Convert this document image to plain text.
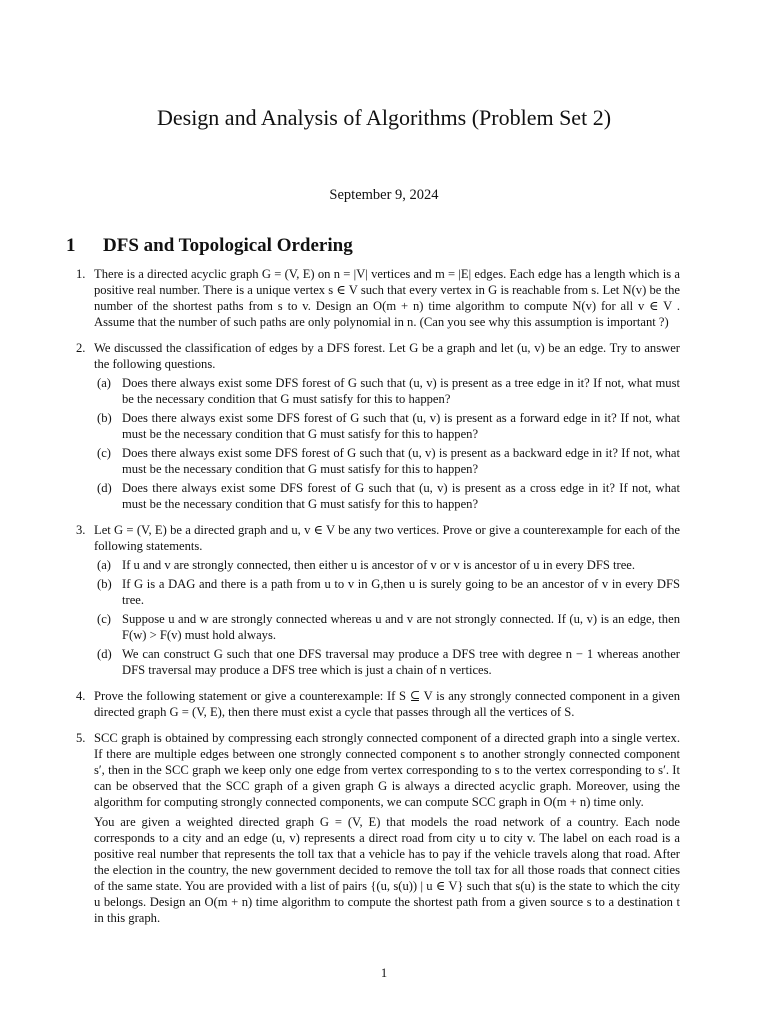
Design and Analysis of Algorithms (Problem Set 2)
September 9, 2024
1 DFS and Topological Ordering
1. There is a directed acyclic graph G = (V, E) on n = |V| vertices and m = |E| edges. Each edge has a length which is a positive real number. There is a unique vertex s ∈ V such that every vertex in G is reachable from s. Let N(v) be the number of the shortest paths from s to v. Design an O(m + n) time algorithm to compute N(v) for all v ∈ V . Assume that the number of such paths are only polynomial in n. (Can you see why this assumption is important ?)
2. We discussed the classification of edges by a DFS forest. Let G be a graph and let (u, v) be an edge. Try to answer the following questions.
(a) Does there always exist some DFS forest of G such that (u, v) is present as a tree edge in it? If not, what must be the necessary condition that G must satisfy for this to happen?
(b) Does there always exist some DFS forest of G such that (u, v) is present as a forward edge in it? If not, what must be the necessary condition that G must satisfy for this to happen?
(c) Does there always exist some DFS forest of G such that (u, v) is present as a backward edge in it? If not, what must be the necessary condition that G must satisfy for this to happen?
(d) Does there always exist some DFS forest of G such that (u, v) is present as a cross edge in it? If not, what must be the necessary condition that G must satisfy for this to happen?
3. Let G = (V, E) be a directed graph and u, v ∈ V be any two vertices. Prove or give a counterexample for each of the following statements.
(a) If u and v are strongly connected, then either u is ancestor of v or v is ancestor of u in every DFS tree.
(b) If G is a DAG and there is a path from u to v in G,then u is surely going to be an ancestor of v in every DFS tree.
(c) Suppose u and w are strongly connected whereas u and v are not strongly connected. If (u, v) is an edge, then F(w) > F(v) must hold always.
(d) We can construct G such that one DFS traversal may produce a DFS tree with degree n − 1 whereas another DFS traversal may produce a DFS tree which is just a chain of n vertices.
4. Prove the following statement or give a counterexample: If S ⊆ V is any strongly connected component in a given directed graph G = (V, E), then there must exist a cycle that passes through all the vertices of S.
5. SCC graph is obtained by compressing each strongly connected component of a directed graph into a single vertex. If there are multiple edges between one strongly connected component s to another strongly connected component s′, then in the SCC graph we keep only one edge from vertex corresponding to s to the vertex corresponding to s′. It can be observed that the SCC graph of a given graph G is always a directed acyclic graph. Moreover, using the algorithm for computing strongly connected components, we can compute SCC graph in O(m + n) time only.
You are given a weighted directed graph G = (V, E) that models the road network of a country. Each node corresponds to a city and an edge (u, v) represents a direct road from city u to city v. The label on each road is a positive real number that represents the toll tax that a vehicle has to pay if the vehicle travels along that road. After the election in the country, the new government decided to remove the toll tax for all those roads that connect cities of the same state. You are provided with a list of pairs {(u, s(u)) | u ∈ V} such that s(u) is the state to which the city u belongs. Design an O(m + n) time algorithm to compute the shortest path from a given source s to a destination t in this graph.
1
